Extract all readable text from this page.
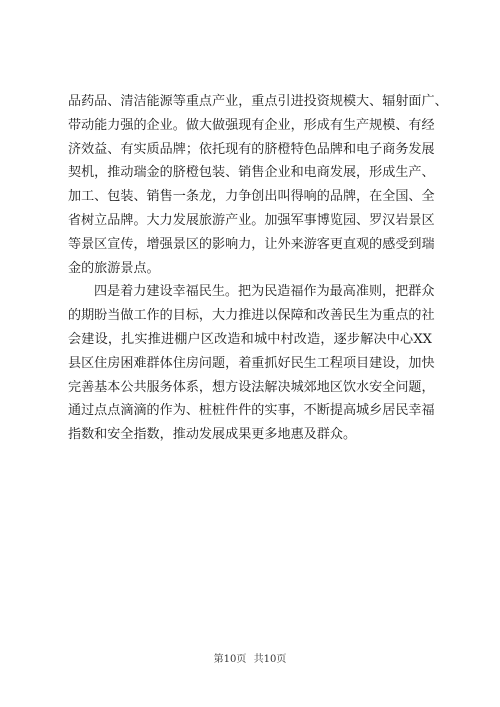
品药品、清洁能源等重点产业，重点引进投资规模大、辐射面广、
带动能力强的企业。做大做强现有企业，形成有生产规模、有经
济效益、有实质品牌；依托现有的脐橙特色品牌和电子商务发展
契机，推动瑞金的脐橙包装、销售企业和电商发展，形成生产、
加工、包装、销售一条龙，力争创出叫得响的品牌，在全国、全
省树立品牌。大力发展旅游产业。加强军事博览园、罗汉岩景区
等景区宣传，增强景区的影响力，让外来游客更直观的感受到瑞
金的旅游景点。
四是着力建设幸福民生。把为民造福作为最高准则，把群众
的期盼当做工作的目标，大力推进以保障和改善民生为重点的社
会建设，扎实推进棚户区改造和城中村改造，逐步解决中心XX
县区住房困难群体住房问题，着重抓好民生工程项目建设，加快
完善基本公共服务体系，想方设法解决城郊地区饮水安全问题，
通过点点滴滴的作为、桩桩件件的实事，不断提高城乡居民幸福
指数和安全指数，推动发展成果更多地惠及群众。
第10页 共10页
